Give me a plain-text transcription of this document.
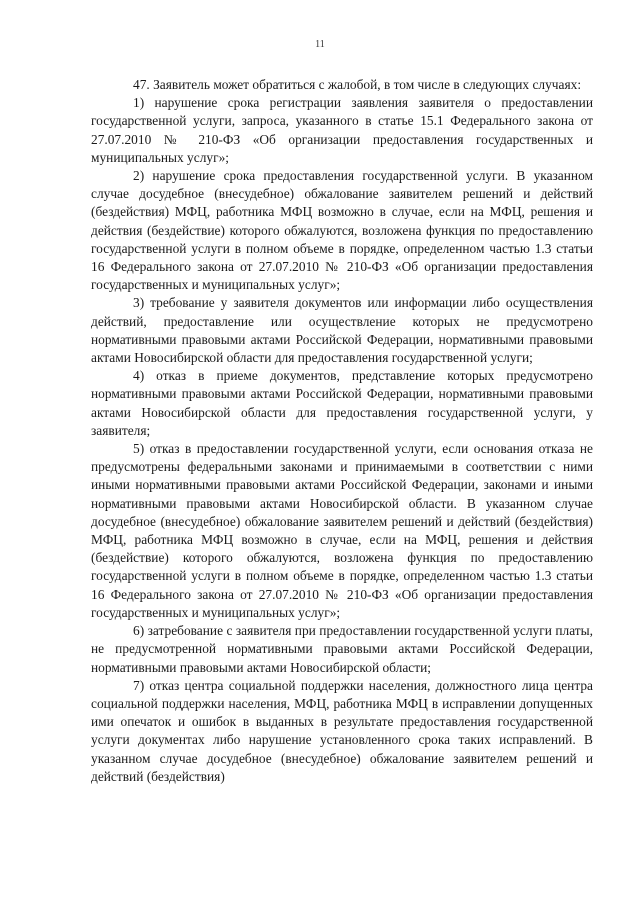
11

47. Заявитель может обратиться с жалобой, в том числе в следующих случаях:

1) нарушение срока регистрации заявления заявителя о предоставлении государственной услуги, запроса, указанного в статье 15.1 Федерального закона от 27.07.2010 № 210-ФЗ «Об организации предоставления государственных и муниципальных услуг»;

2) нарушение срока предоставления государственной услуги. В указанном случае досудебное (внесудебное) обжалование заявителем решений и действий (бездействия) МФЦ, работника МФЦ возможно в случае, если на МФЦ, решения и действия (бездействие) которого обжалуются, возложена функция по предоставлению государственной услуги в полном объеме в порядке, определенном частью 1.3 статьи 16 Федерального закона от 27.07.2010 № 210-ФЗ «Об организации предоставления государственных и муниципальных услуг»;

3) требование у заявителя документов или информации либо осуществления действий, предоставление или осуществление которых не предусмотрено нормативными правовыми актами Российской Федерации, нормативными правовыми актами Новосибирской области для предоставления государственной услуги;

4) отказ в приеме документов, представление которых предусмотрено нормативными правовыми актами Российской Федерации, нормативными правовыми актами Новосибирской области для предоставления государственной услуги, у заявителя;

5) отказ в предоставлении государственной услуги, если основания отказа не предусмотрены федеральными законами и принимаемыми в соответствии с ними иными нормативными правовыми актами Российской Федерации, законами и иными нормативными правовыми актами Новосибирской области. В указанном случае досудебное (внесудебное) обжалование заявителем решений и действий (бездействия) МФЦ, работника МФЦ возможно в случае, если на МФЦ, решения и действия (бездействие) которого обжалуются, возложена функция по предоставлению государственной услуги в полном объеме в порядке, определенном частью 1.3 статьи 16 Федерального закона от 27.07.2010 № 210-ФЗ «Об организации предоставления государственных и муниципальных услуг»;

6) затребование с заявителя при предоставлении государственной услуги платы, не предусмотренной нормативными правовыми актами Российской Федерации, нормативными правовыми актами Новосибирской области;

7) отказ центра социальной поддержки населения, должностного лица центра социальной поддержки населения, МФЦ, работника МФЦ в исправлении допущенных ими опечаток и ошибок в выданных в результате предоставления государственной услуги документах либо нарушение установленного срока таких исправлений. В указанном случае досудебное (внесудебное) обжалование заявителем решений и действий (бездействия)
